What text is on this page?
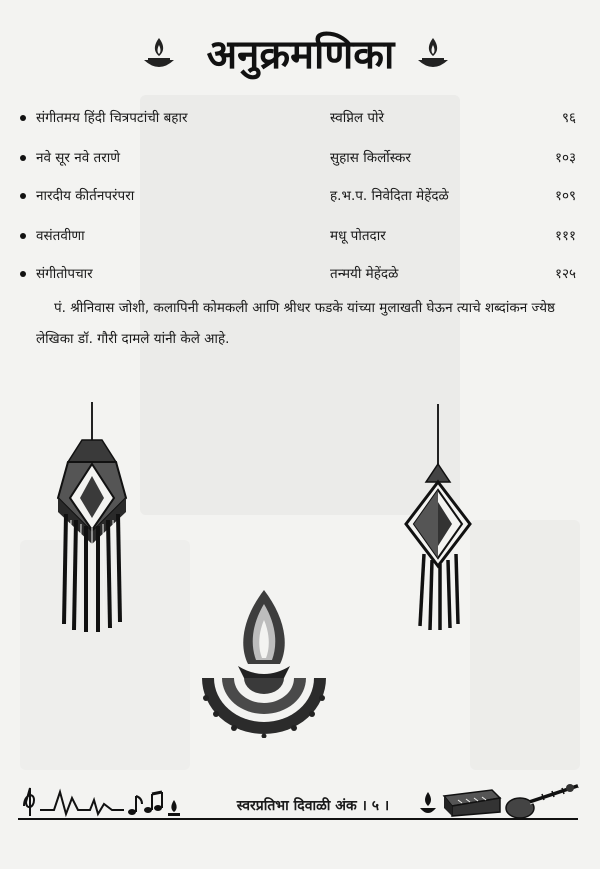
अनुक्रमणिका
संगीतमय हिंदी चित्रपटांची बहार	स्वप्निल पोरे	९६
नवे सूर नवे तराणे	सुहास किर्लोस्कर	१०३
नारदीय कीर्तनपरंपरा	ह.भ.प. निवेदिता मेहेंदळे	१०९
वसंतवीणा	मधू पोतदार	१११
संगीतोपचार	तन्मयी मेहेंदळे	१२५
पं. श्रीनिवास जोशी, कलापिनी कोमकली आणि श्रीधर फडके यांच्या मुलाखती घेऊन त्याचे शब्दांकन ज्येष्ठ
लेखिका डॉ. गौरी दामले यांनी केले आहे.
स्वरप्रतिभा दिवाळी अंक । ५ ।
